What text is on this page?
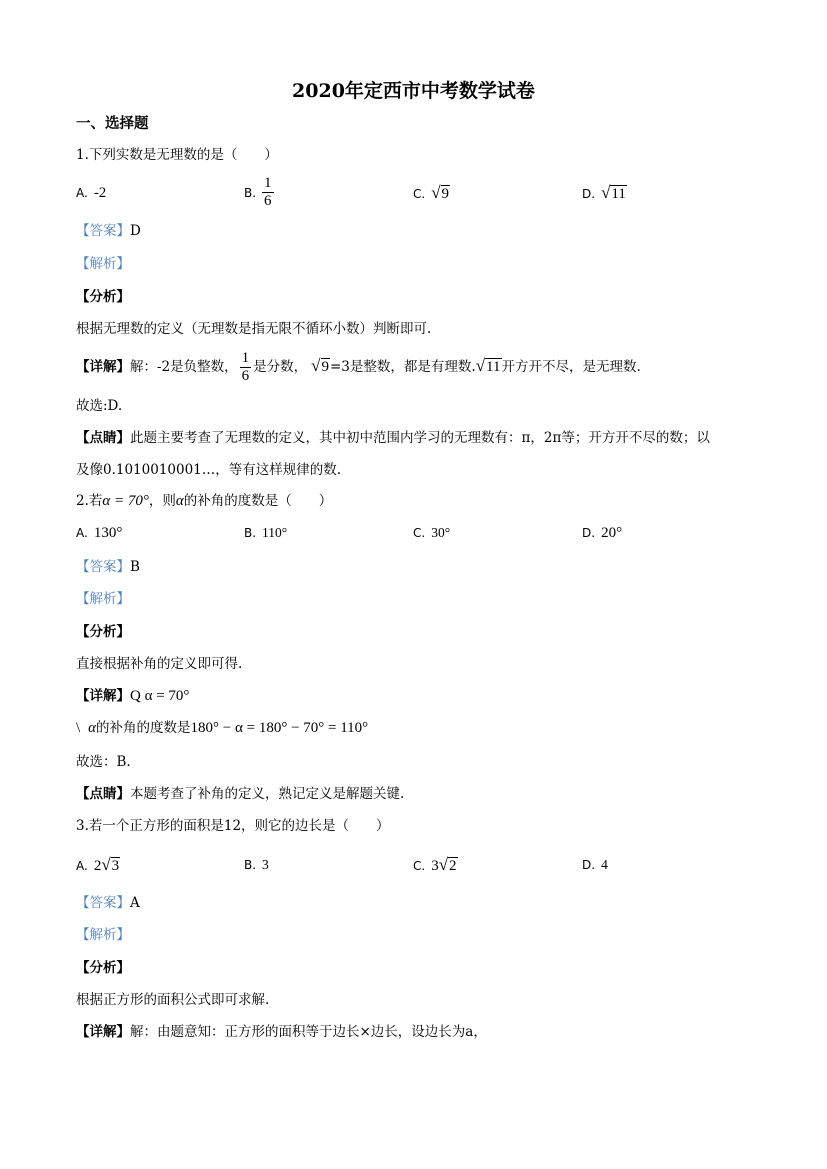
2020年定西市中考数学试卷
一、选择题
1.下列实数是无理数的是（　　）
A. -2	B. $\frac{1}{6}$	C. √9	D. √11
【答案】D
【解析】
【分析】
根据无理数的定义（无理数是指无限不循环小数）判断即可.
【详解】解：-2是负整数， $\frac{1}{6}$ 是分数， √9=3是整数，都是有理数.√11开方开不尽，是无理数.
故选:D.
【点睛】此题主要考查了无理数的定义，其中初中范围内学习的无理数有：π，2π等；开方开不尽的数；以
及像0.1010010001…，等有这样规律的数.
2.若α = 70°，则α的补角的度数是（　　）
A. 130°	B. 110°	C. 30°	D. 20°
【答案】B
【解析】
【分析】
直接根据补角的定义即可得.
【详解】Q α = 70°
\ α的补角的度数是180° − α = 180° − 70° = 110°
故选：B.
【点睛】本题考查了补角的定义，熟记定义是解题关键.
3.若一个正方形的面积是12，则它的边长是（　　）
A. 2√3	B. 3	C. 3√2	D. 4
【答案】A
【解析】
【分析】
根据正方形的面积公式即可求解.
【详解】解：由题意知：正方形的面积等于边长×边长，设边长为a，
